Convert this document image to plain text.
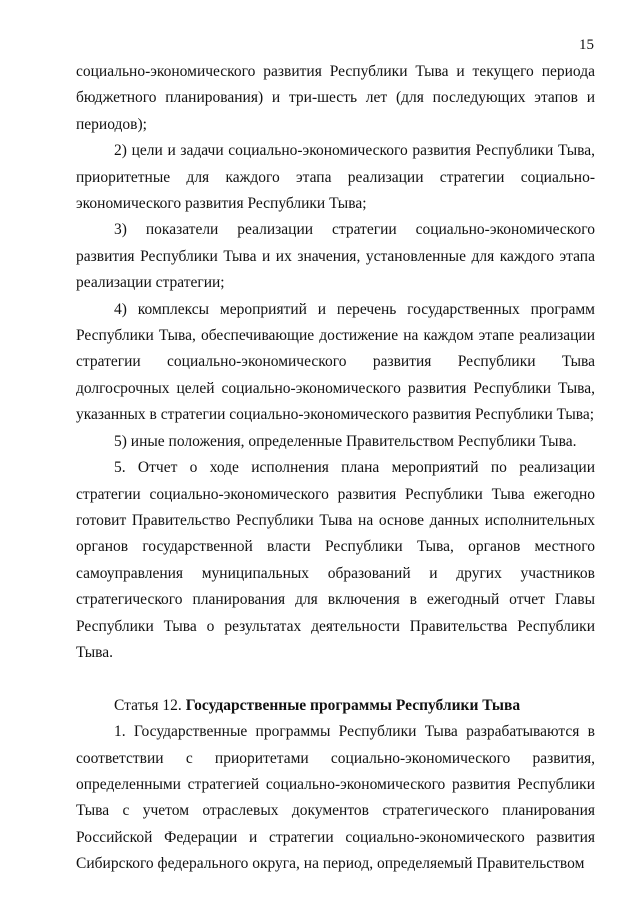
15

социально-экономического развития Республики Тыва и текущего периода бюджетного планирования) и три-шесть лет (для последующих этапов и периодов);

2) цели и задачи социально-экономического развития Республики Тыва, приоритетные для каждого этапа реализации стратегии социально-экономического развития Республики Тыва;

3) показатели реализации стратегии социально-экономического развития Республики Тыва и их значения, установленные для каждого этапа реализации стратегии;

4) комплексы мероприятий и перечень государственных программ Республики Тыва, обеспечивающие достижение на каждом этапе реализации стратегии социально-экономического развития Республики Тыва долгосрочных целей социально-экономического развития Республики Тыва, указанных в стратегии социально-экономического развития Республики Тыва;

5) иные положения, определенные Правительством Республики Тыва.

5. Отчет о ходе исполнения плана мероприятий по реализации стратегии социально-экономического развития Республики Тыва ежегодно готовит Правительство Республики Тыва на основе данных исполнительных органов государственной власти Республики Тыва, органов местного самоуправления муниципальных образований и других участников стратегического планирования для включения в ежегодный отчет Главы Республики Тыва о результатах деятельности Правительства Республики Тыва.

Статья 12. Государственные программы Республики Тыва

1. Государственные программы Республики Тыва разрабатываются в соответствии с приоритетами социально-экономического развития, определенными стратегией социально-экономического развития Республики Тыва с учетом отраслевых документов стратегического планирования Российской Федерации и стратегии социально-экономического развития Сибирского федерального округа, на период, определяемый Правительством
